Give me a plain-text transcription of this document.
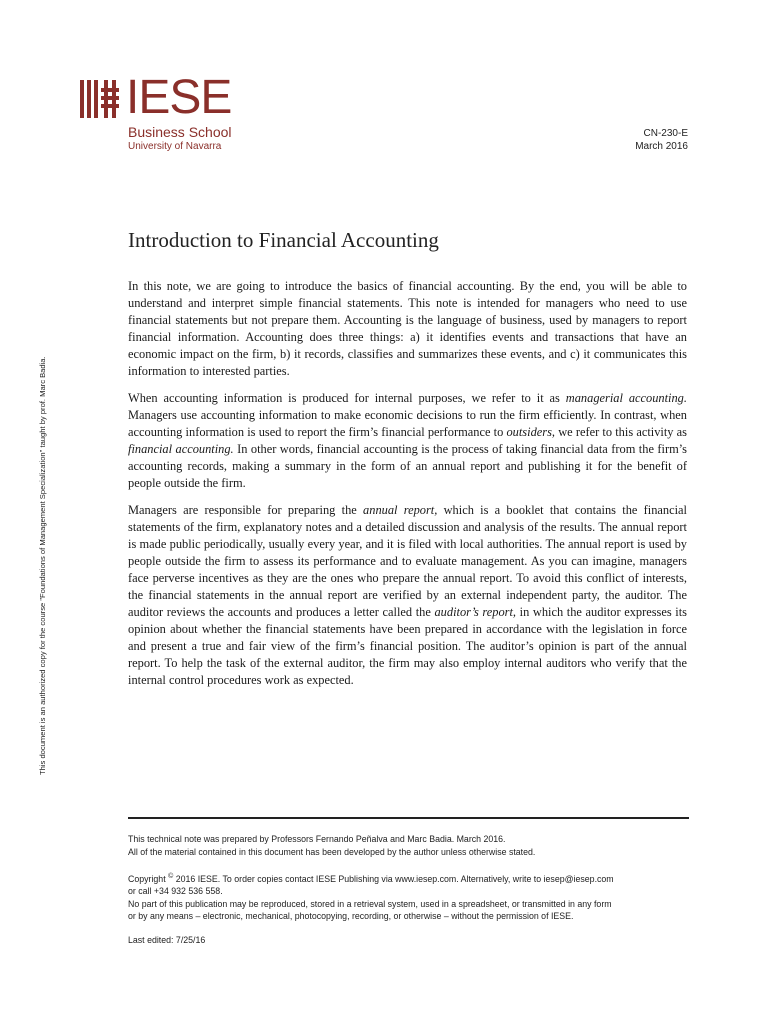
IESE
Business School
University of Navarra
CN-230-E
March 2016
This document is an authorized copy for the course "Foundations of Management Specialization" taught by prof. Marc Badia.
Introduction to Financial Accounting

In this note, we are going to introduce the basics of financial accounting. By the end, you will be able to understand and interpret simple financial statements. This note is intended for managers who need to use financial statements but not prepare them. Accounting is the language of business, used by managers to report financial information. Accounting does three things: a) it identifies events and transactions that have an economic impact on the firm, b) it records, classifies and summarizes these events, and c) it communicates this information to interested parties.

When accounting information is produced for internal purposes, we refer to it as managerial accounting. Managers use accounting information to make economic decisions to run the firm efficiently. In contrast, when accounting information is used to report the firm’s financial performance to outsiders, we refer to this activity as financial accounting. In other words, financial accounting is the process of taking financial data from the firm’s accounting records, making a summary in the form of an annual report and publishing it for the benefit of people outside the firm.

Managers are responsible for preparing the annual report, which is a booklet that contains the financial statements of the firm, explanatory notes and a detailed discussion and analysis of the results. The annual report is made public periodically, usually every year, and it is filed with local authorities. The annual report is used by people outside the firm to assess its performance and to evaluate management. As you can imagine, managers face perverse incentives as they are the ones who prepare the annual report. To avoid this conflict of interests, the financial statements in the annual report are verified by an external independent party, the auditor. The auditor reviews the accounts and produces a letter called the auditor’s report, in which the auditor expresses its opinion about whether the financial statements have been prepared in accordance with the legislation in force and present a true and fair view of the firm’s financial position. The auditor’s opinion is part of the annual report. To help the task of the external auditor, the firm may also employ internal auditors who verify that the internal control procedures work as expected.

This technical note was prepared by Professors Fernando Peñalva and Marc Badia. March 2016.
All of the material contained in this document has been developed by the author unless otherwise stated.
Copyright © 2016 IESE. To order copies contact IESE Publishing via www.iesep.com. Alternatively, write to iesep@iesep.com
or call +34 932 536 558.
No part of this publication may be reproduced, stored in a retrieval system, used in a spreadsheet, or transmitted in any form
or by any means – electronic, mechanical, photocopying, recording, or otherwise – without the permission of IESE.
Last edited: 7/25/16
